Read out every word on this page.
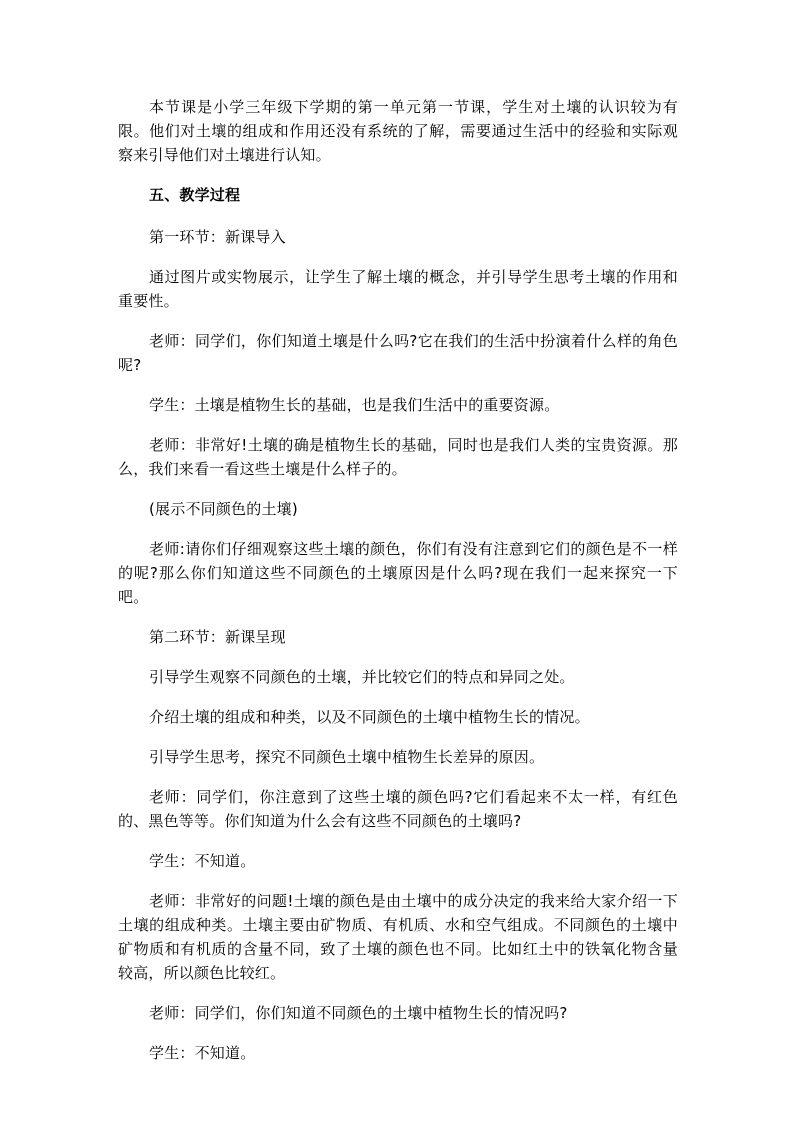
本节课是小学三年级下学期的第一单元第一节课，学生对土壤的认识较为有限。他们对土壤的组成和作用还没有系统的了解，需要通过生活中的经验和实际观察来引导他们对土壤进行认知。

五、教学过程

第一环节：新课导入

通过图片或实物展示，让学生了解土壤的概念，并引导学生思考土壤的作用和重要性。

老师：同学们，你们知道土壤是什么吗?它在我们的生活中扮演着什么样的角色呢?

学生：土壤是植物生长的基础，也是我们生活中的重要资源。

老师：非常好!土壤的确是植物生长的基础，同时也是我们人类的宝贵资源。那么，我们来看一看这些土壤是什么样子的。

(展示不同颜色的土壤)

老师:请你们仔细观察这些土壤的颜色，你们有没有注意到它们的颜色是不一样的呢?那么你们知道这些不同颜色的土壤原因是什么吗?现在我们一起来探究一下吧。

第二环节：新课呈现

引导学生观察不同颜色的土壤，并比较它们的特点和异同之处。

介绍土壤的组成和种类，以及不同颜色的土壤中植物生长的情况。

引导学生思考，探究不同颜色土壤中植物生长差异的原因。

老师：同学们，你注意到了这些土壤的颜色吗?它们看起来不太一样，有红色的、黑色等等。你们知道为什么会有这些不同颜色的土壤吗?

学生：不知道。

老师：非常好的问题!土壤的颜色是由土壤中的成分决定的我来给大家介绍一下土壤的组成种类。土壤主要由矿物质、有机质、水和空气组成。不同颜色的土壤中矿物质和有机质的含量不同，致了土壤的颜色也不同。比如红土中的铁氧化物含量较高，所以颜色比较红。

老师：同学们，你们知道不同颜色的土壤中植物生长的情况吗?

学生：不知道。
